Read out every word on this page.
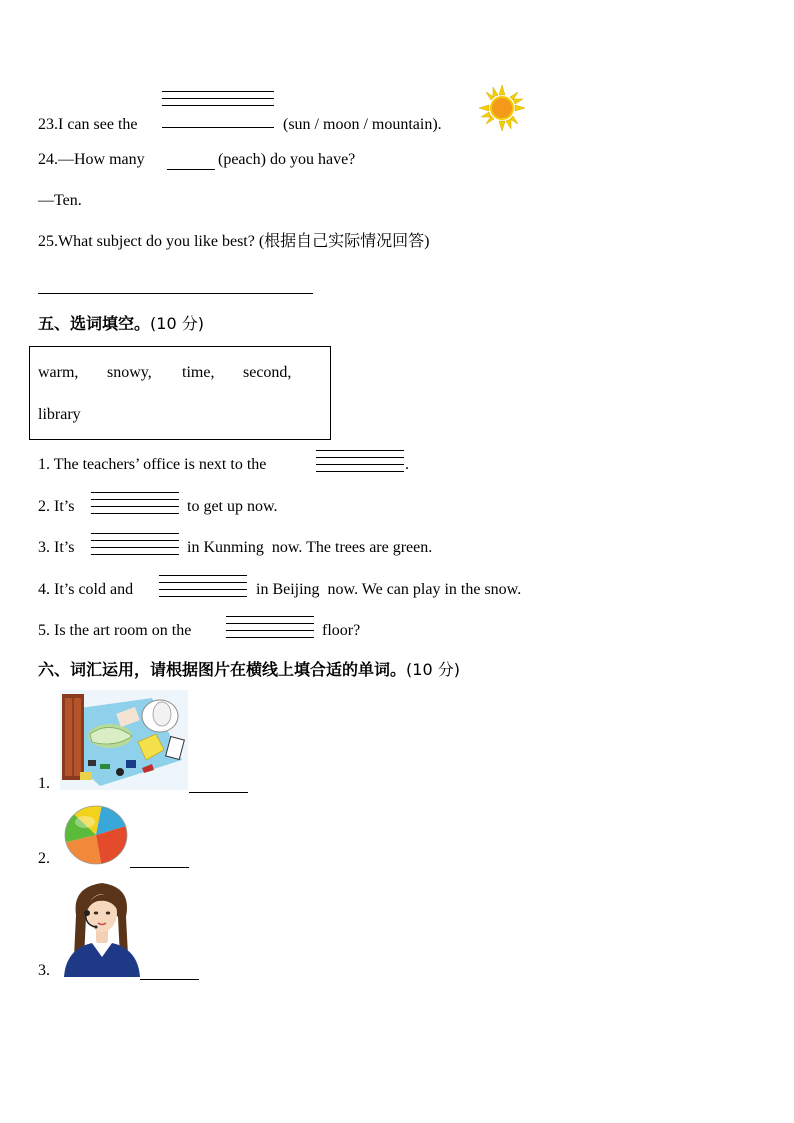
23.I can see the	(sun / moon / mountain).
24.—How many	(peach) do you have?
—Ten.
25.What subject do you like best? (根据自己实际情况回答)
五、选词填空。(10 分)
warm, snowy, time, second,
library
1. The teachers’ office is next to the	.
2. It’s	to get up now.
3. It’s	in Kunming  now. The trees are green.
4. It’s cold and	in Beijing  now. We can play in the snow.
5. Is the art room on the	floor?
六、词汇运用，请根据图片在横线上填合适的单词。(10 分)
1.
2.
3.
